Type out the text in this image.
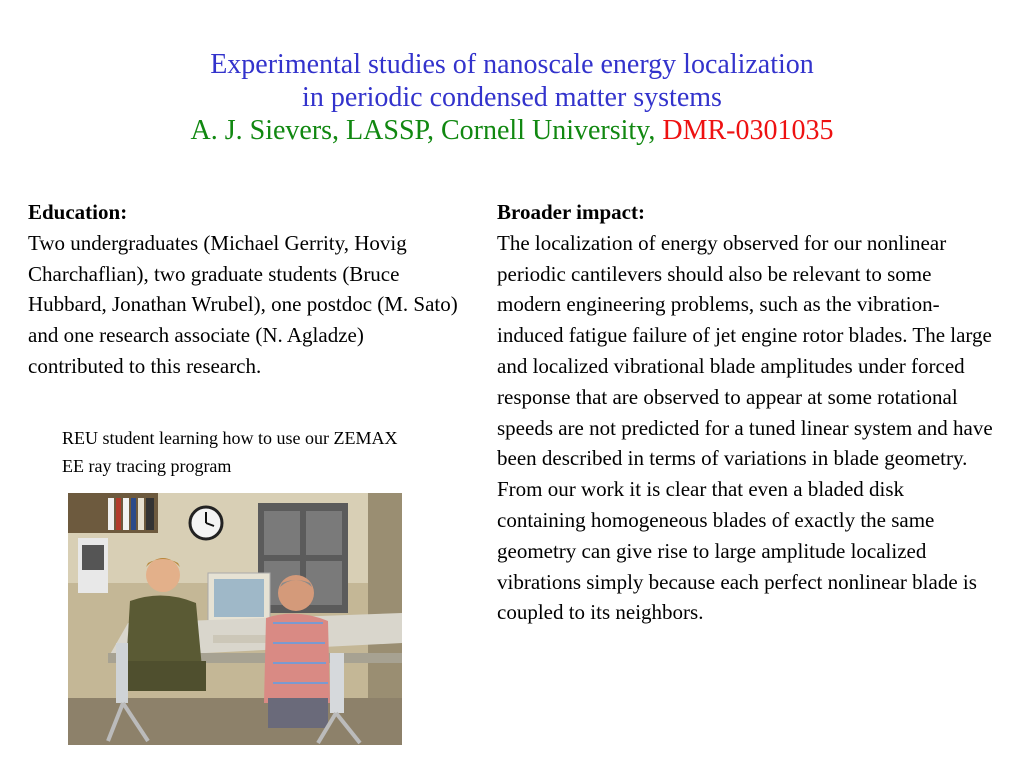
Experimental studies of nanoscale energy localization
in periodic condensed matter systems
A. J. Sievers, LASSP, Cornell University, DMR-0301035
Education:
Two undergraduates (Michael Gerrity, Hovig Charchaflian), two graduate students (Bruce Hubbard, Jonathan Wrubel), one postdoc (M. Sato) and one research associate (N. Agladze) contributed to this research.
REU student learning how to use our ZEMAX EE ray tracing program
Broader impact:
The localization of energy observed for our nonlinear periodic cantilevers should also be relevant to some modern engineering problems, such as the vibration-induced fatigue failure of jet engine rotor blades. The large and localized vibrational blade amplitudes under forced response that are observed to appear at some rotational speeds are not predicted for a tuned linear system and have been described in terms of variations in blade geometry. From our work it is clear that even a bladed disk containing homogeneous blades of exactly the same geometry can give rise to large amplitude localized vibrations simply because each perfect nonlinear blade is coupled to its neighbors.
